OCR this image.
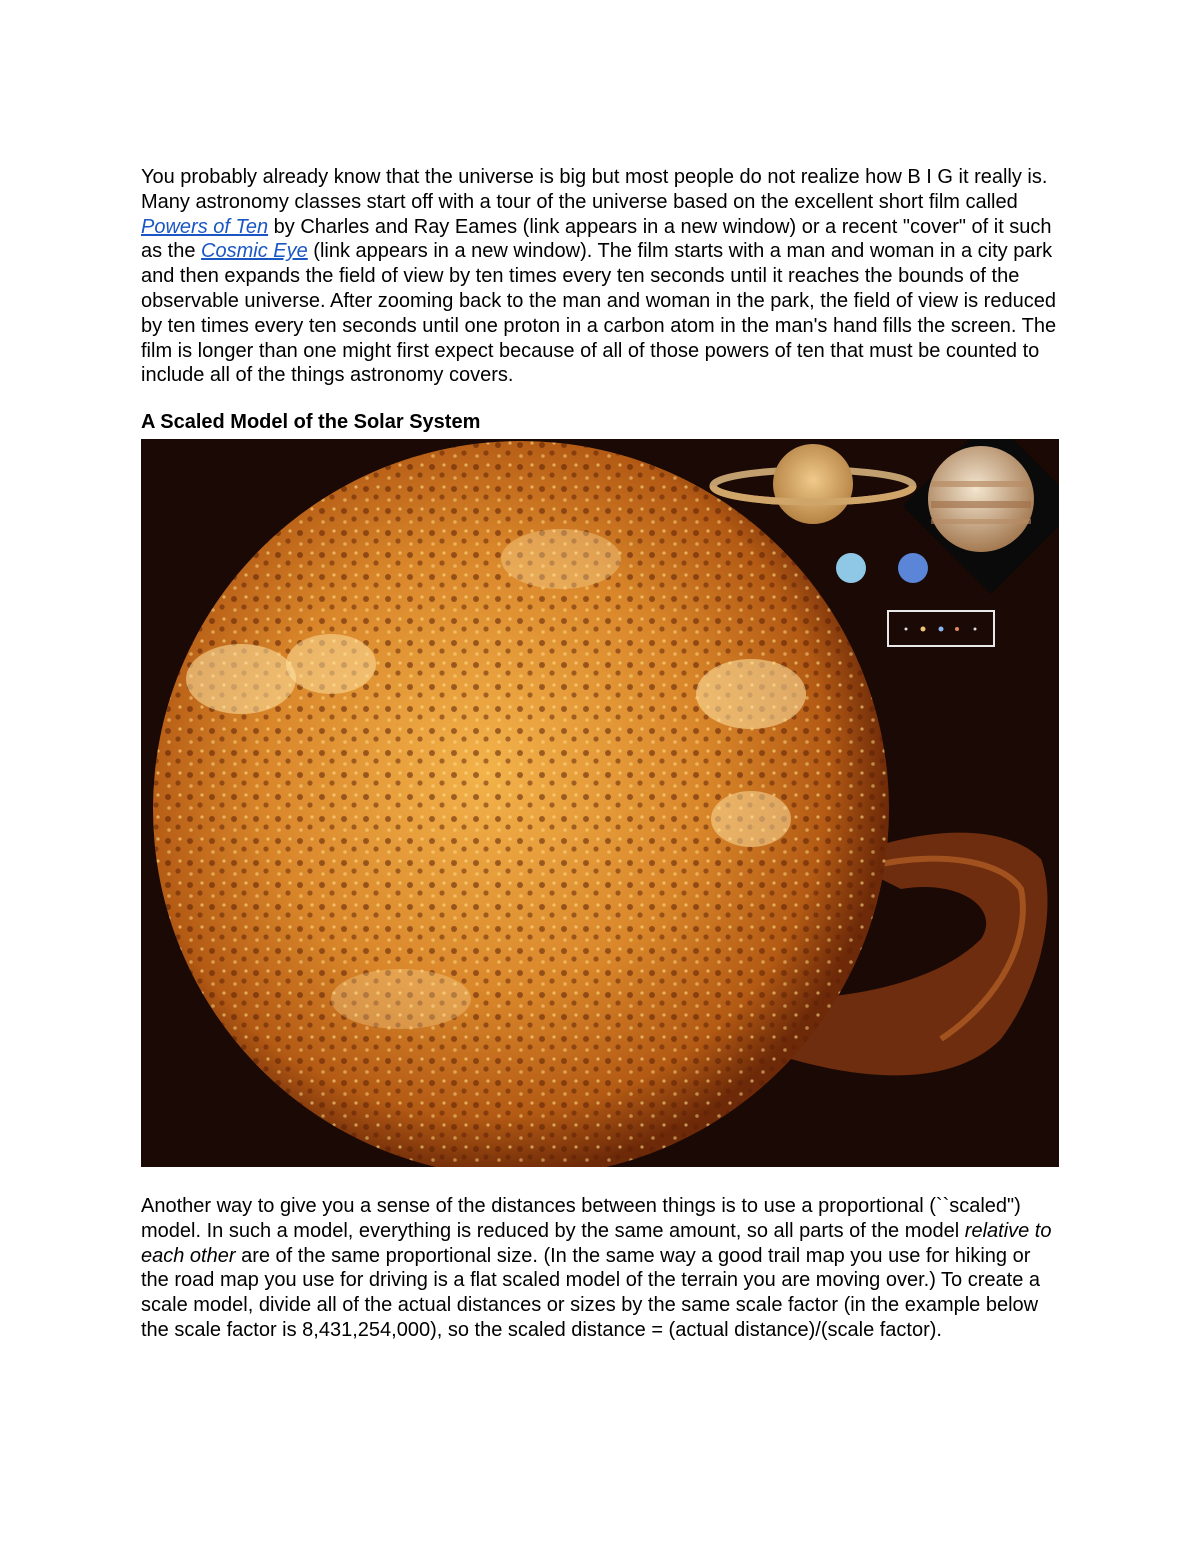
You probably already know that the universe is big but most people do not realize how B I G it really is. Many astronomy classes start off with a tour of the universe based on the excellent short film called Powers of Ten by Charles and Ray Eames (link appears in a new window) or a recent "cover" of it such as the Cosmic Eye (link appears in a new window). The film starts with a man and woman in a city park and then expands the field of view by ten times every ten seconds until it reaches the bounds of the observable universe. After zooming back to the man and woman in the park, the field of view is reduced by ten times every ten seconds until one proton in a carbon atom in the man's hand fills the screen. The film is longer than one might first expect because of all of those powers of ten that must be counted to include all of the things astronomy covers.

A Scaled Model of the Solar System

Another way to give you a sense of the distances between things is to use a proportional (``scaled") model. In such a model, everything is reduced by the same amount, so all parts of the model relative to each other are of the same proportional size. (In the same way a good trail map you use for hiking or the road map you use for driving is a flat scaled model of the terrain you are moving over.) To create a scale model, divide all of the actual distances or sizes by the same scale factor (in the example below the scale factor is 8,431,254,000), so the scaled distance = (actual distance)/(scale factor).
